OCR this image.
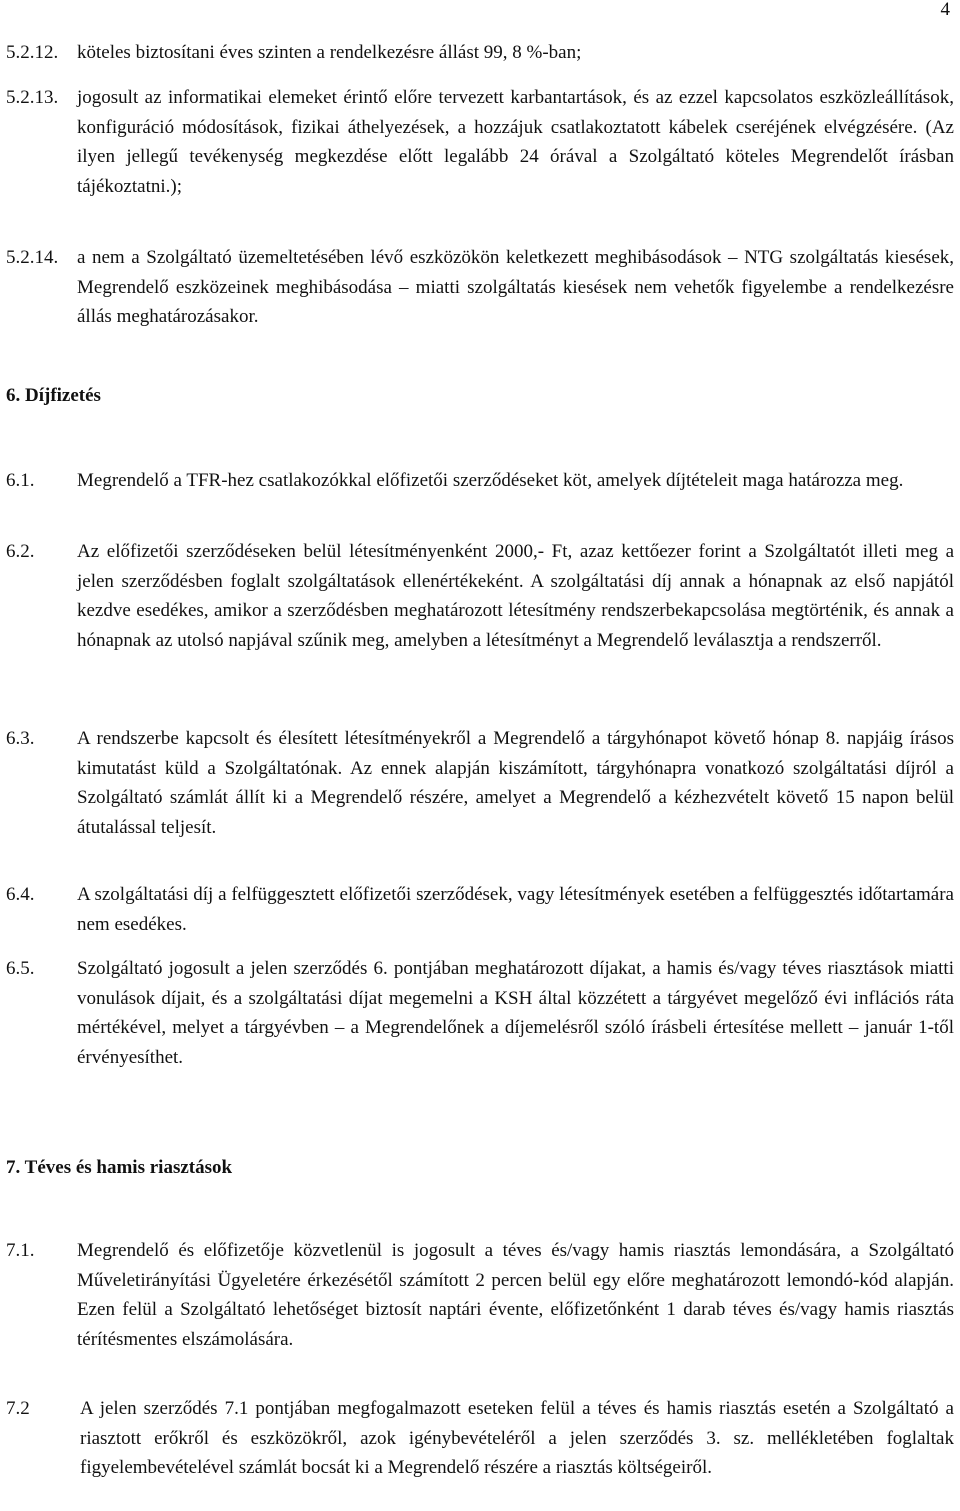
4
5.2.12. köteles biztosítani éves szinten a rendelkezésre állást 99, 8 %-ban;
5.2.13. jogosult az informatikai elemeket érintő előre tervezett karbantartások, és az ezzel kapcsolatos eszközleállítások, konfiguráció módosítások, fizikai áthelyezések, a hozzájuk csatlakoztatott kábelek cseréjének elvégzésére. (Az ilyen jellegű tevékenység megkezdése előtt legalább 24 órával a Szolgáltató köteles Megrendelőt írásban tájékoztatni.);
5.2.14. a nem a Szolgáltató üzemeltetésében lévő eszközökön keletkezett meghibásodások – NTG szolgáltatás kiesések, Megrendelő eszközeinek meghibásodása – miatti szolgáltatás kiesések nem vehetők figyelembe a rendelkezésre állás meghatározásakor.
6. Díjfizetés
6.1. Megrendelő a TFR-hez csatlakozókkal előfizetői szerződéseket köt, amelyek díjtételeit maga határozza meg.
6.2. Az előfizetői szerződéseken belül létesítményenként 2000,- Ft, azaz kettőezer forint a Szolgáltatót illeti meg a jelen szerződésben foglalt szolgáltatások ellenértékeként. A szolgáltatási díj annak a hónapnak az első napjától kezdve esedékes, amikor a szerződésben meghatározott létesítmény rendszerbekapcsolása megtörténik, és annak a hónapnak az utolsó napjával szűnik meg, amelyben a létesítményt a Megrendelő leválasztja a rendszerről.
6.3. A rendszerbe kapcsolt és élesített létesítményekről a Megrendelő a tárgyhónapot követő hónap 8. napjáig írásos kimutatást küld a Szolgáltatónak. Az ennek alapján kiszámított, tárgyhónapra vonatkozó szolgáltatási díjról a Szolgáltató számlát állít ki a Megrendelő részére, amelyet a Megrendelő a kézhezvételt követő 15 napon belül átutalással teljesít.
6.4. A szolgáltatási díj a felfüggesztett előfizetői szerződések, vagy létesítmények esetében a felfüggesztés időtartamára nem esedékes.
6.5. Szolgáltató jogosult a jelen szerződés 6. pontjában meghatározott díjakat, a hamis és/vagy téves riasztások miatti vonulások díjait, és a szolgáltatási díjat megemelni a KSH által közzétett a tárgyévet megelőző évi inflációs ráta mértékével, melyet a tárgyévben – a Megrendelőnek a díjemelésről szóló írásbeli értesítése mellett – január 1-től érvényesíthet.
7. Téves és hamis riasztások
7.1. Megrendelő és előfizetője közvetlenül is jogosult a téves és/vagy hamis riasztás lemondására, a Szolgáltató Műveletirányítási Ügyeletére érkezésétől számított 2 percen belül egy előre meghatározott lemondó-kód alapján. Ezen felül a Szolgáltató lehetőséget biztosít naptári évente, előfizetőnként 1 darab téves és/vagy hamis riasztás térítésmentes elszámolására.
7.2	A jelen szerződés 7.1 pontjában megfogalmazott eseteken felül a téves és hamis riasztás esetén a Szolgáltató a riasztott erőkről és eszközökről, azok igénybevételéről a jelen szerződés 3. sz. mellékletében foglaltak figyelembevételével számlát bocsát ki a Megrendelő részére a riasztás költségeiről.
